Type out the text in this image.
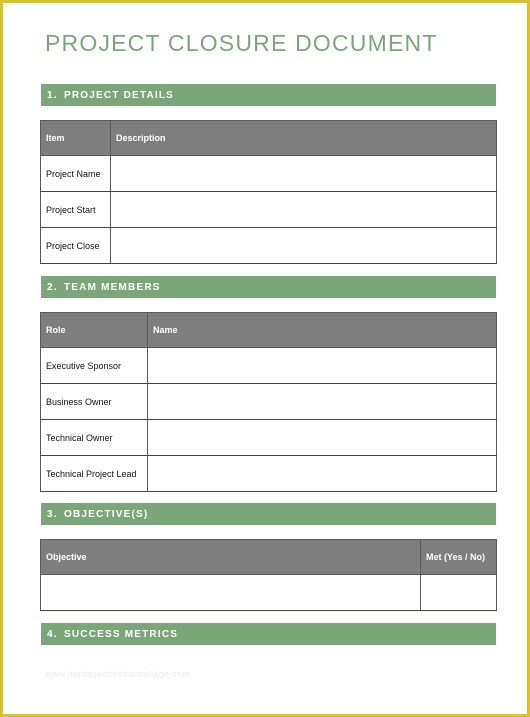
PROJECT CLOSURE DOCUMENT
1. PROJECT DETAILS
Item	Description
Project Name	
Project Start	
Project Close	
2. TEAM MEMBERS
Role	Name
Executive Sponsor	
Business Owner	
Technical Owner	
Technical Project Lead	
3. OBJECTIVE(S)
Objective	Met (Yes / No)

4. SUCCESS METRICS
www.heritagechristiancollege.com
